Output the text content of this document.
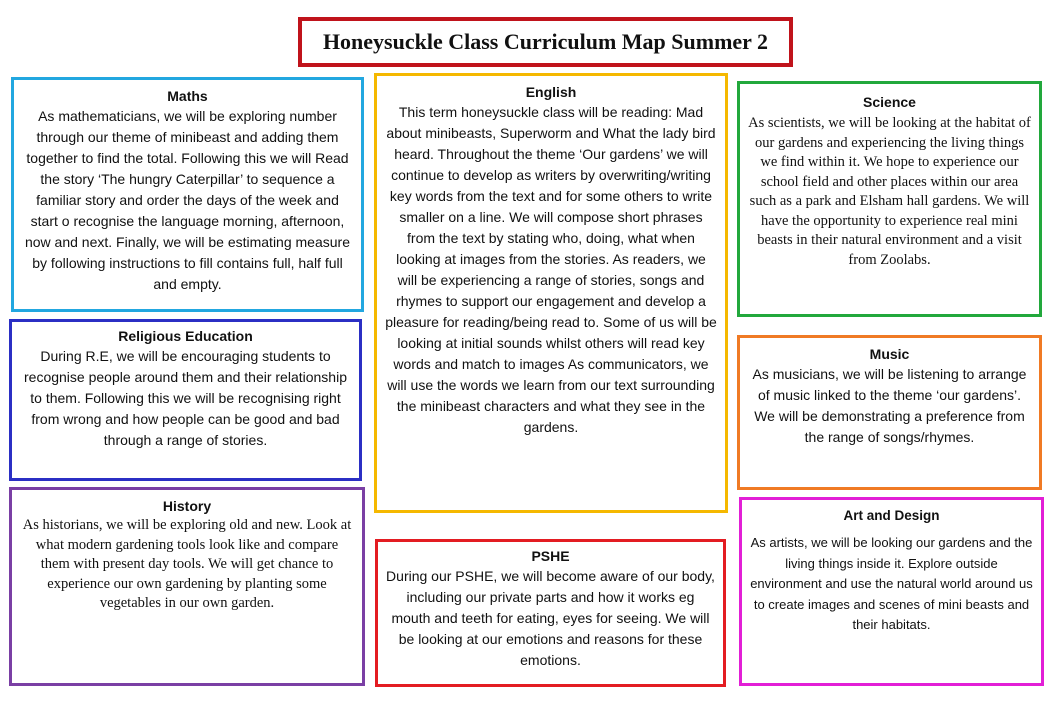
Honeysuckle Class Curriculum Map Summer 2
Maths

As mathematicians, we will be exploring number through our theme of minibeast and adding them together to find the total. Following this we will Read the story ‘The hungry Caterpillar’ to sequence a familiar story and order the days of the week and start o recognise the language morning, afternoon, now and next. Finally, we will be estimating measure by following instructions to fill contains full, half full and empty.

Religious Education

During R.E, we will be encouraging students to recognise people around them and their relationship to them. Following this we will be recognising right from wrong and how people can be good and bad through a range of stories.

History

As historians, we will be exploring old and new. Look at what modern gardening tools look like and compare them with present day tools. We will get chance to experience our own gardening by planting some vegetables in our own garden.

English

This term honeysuckle class will be reading: Mad about minibeasts, Superworm and What the lady bird heard. Throughout the theme ‘Our gardens’ we will continue to develop as writers by overwriting/writing key words from the text and for some others to write smaller on a line. We will compose short phrases from the text by stating who, doing, what when looking at images from the stories. As readers, we will be experiencing a range of stories, songs and rhymes to support our engagement and develop a pleasure for reading/being read to. Some of us will be looking at initial sounds whilst others will read key words and match to images As communicators, we will use the words we learn from our text surrounding the minibeast characters and what they see in the gardens.

PSHE

During our PSHE, we will become aware of our body, including our private parts and how it works eg mouth and teeth for eating, eyes for seeing. We will be looking at our emotions and reasons for these emotions.

Science

As scientists, we will be looking at the habitat of our gardens and experiencing the living things we find within it. We hope to experience our school field and other places within our area such as a park and Elsham hall gardens. We will have the opportunity to experience real mini beasts in their natural environment and a visit from Zoolabs.

Music

As musicians, we will be listening to arrange of music linked to the theme ‘our gardens’. We will be demonstrating a preference from the range of songs/rhymes.

Art and Design

As artists, we will be looking our gardens and the living things inside it. Explore outside environment and use the natural world around us to create images and scenes of mini beasts and their habitats.
